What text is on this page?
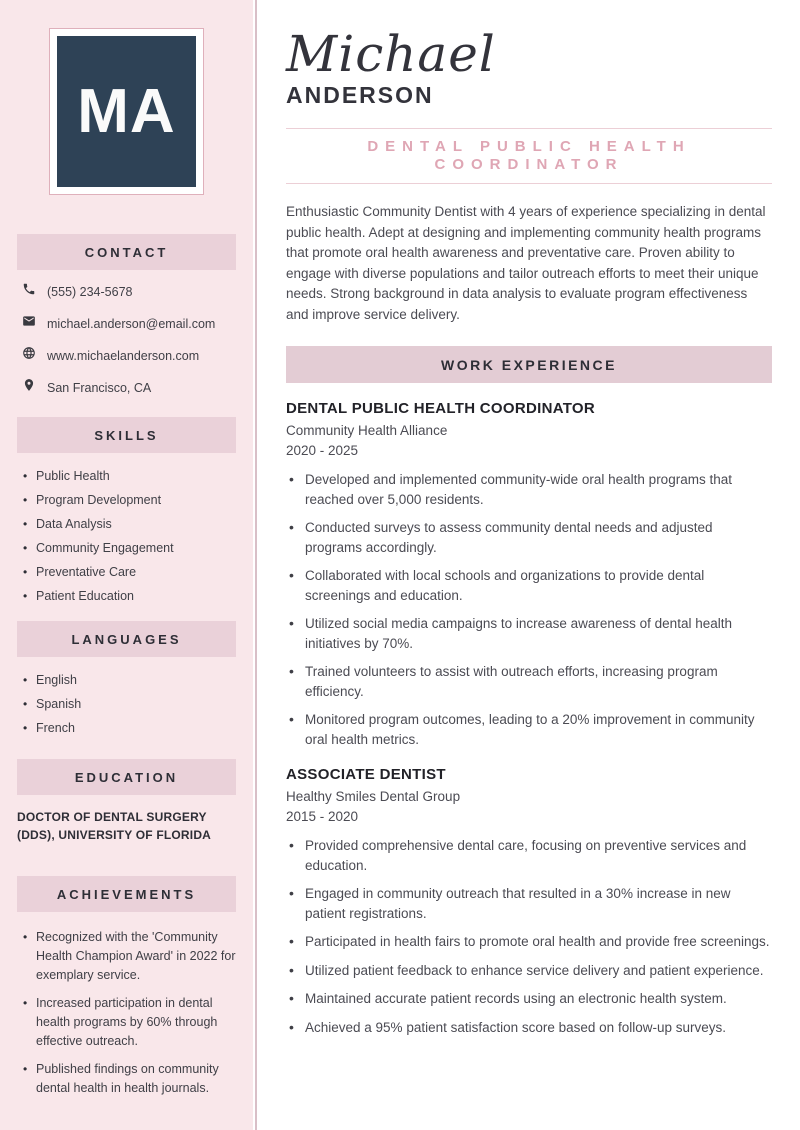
MA
CONTACT
(555) 234-5678
michael.anderson@email.com
www.michaelanderson.com
San Francisco, CA
SKILLS
• Public Health
• Program Development
• Data Analysis
• Community Engagement
• Preventative Care
• Patient Education
LANGUAGES
• English
• Spanish
• French
EDUCATION

DOCTOR OF DENTAL SURGERY (DDS), UNIVERSITY OF FLORIDA

ACHIEVEMENTS
• Recognized with the 'Community Health Champion Award' in 2022 for exemplary service.
• Increased participation in dental health programs by 60% through effective outreach.
• Published findings on community dental health in health journals.
Michael
ANDERSON
DENTAL PUBLIC HEALTH COORDINATOR

Enthusiastic Community Dentist with 4 years of experience specializing in dental public health. Adept at designing and implementing community health programs that promote oral health awareness and preventative care. Proven ability to engage with diverse populations and tailor outreach efforts to meet their unique needs. Strong background in data analysis to evaluate program effectiveness and improve service delivery.

WORK EXPERIENCE
DENTAL PUBLIC HEALTH COORDINATOR
Community Health Alliance
2020 - 2025
• Developed and implemented community-wide oral health programs that reached over 5,000 residents.
• Conducted surveys to assess community dental needs and adjusted programs accordingly.
• Collaborated with local schools and organizations to provide dental screenings and education.
• Utilized social media campaigns to increase awareness of dental health initiatives by 70%.
• Trained volunteers to assist with outreach efforts, increasing program efficiency.
• Monitored program outcomes, leading to a 20% improvement in community oral health metrics.
ASSOCIATE DENTIST
Healthy Smiles Dental Group
2015 - 2020
• Provided comprehensive dental care, focusing on preventive services and education.
• Engaged in community outreach that resulted in a 30% increase in new patient registrations.
• Participated in health fairs to promote oral health and provide free screenings.
• Utilized patient feedback to enhance service delivery and patient experience.
• Maintained accurate patient records using an electronic health system.
• Achieved a 95% patient satisfaction score based on follow-up surveys.
